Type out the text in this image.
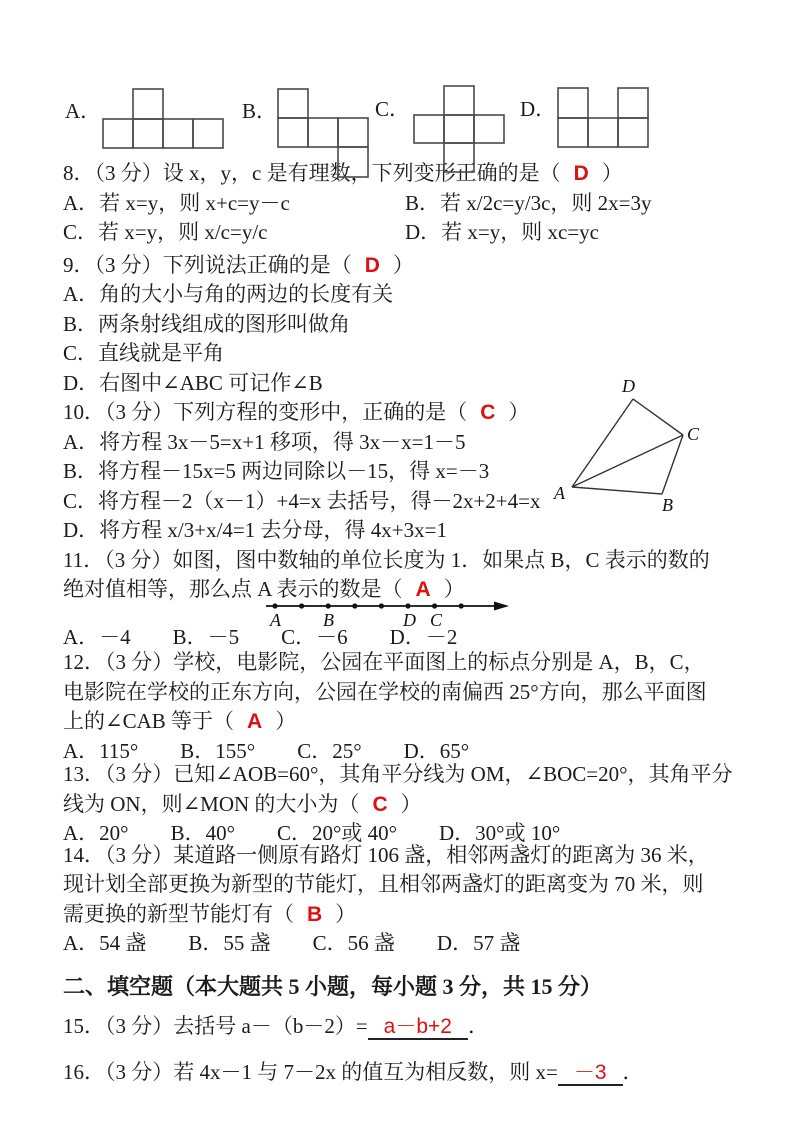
A．	B．	C．	D．
8．（3 分）设 x，y，c 是有理数，下列变形正确的是（ D ）
A．若 x=y，则 x+c=y－c	B．若 x/2c=y/3c，则 2x=3y
C．若 x=y，则 x/c=y/c	D．若 x=y，则 xc=yc
9．（3 分）下列说法正确的是（ D ）
A．角的大小与角的两边的长度有关
B．两条射线组成的图形叫做角
C．直线就是平角
D．右图中∠ABC 可记作∠B
10．（3 分）下列方程的变形中，正确的是（ C ）
A．将方程 3x－5=x+1 移项，得 3x－x=1－5
B．将方程－15x=5 两边同除以－15，得 x=－3
C．将方程－2（x－1）+4=x 去括号，得－2x+2+4=x
D．将方程 x/3+x/4=1 去分母，得 4x+3x=1
D
C
A
B
11．（3 分）如图，图中数轴的单位长度为 1．如果点 B，C 表示的数的
绝对值相等，那么点 A 表示的数是（ A ）
A B	D C
A．－4　　B．－5　　C．－6　　D．－2
12．（3 分）学校，电影院，公园在平面图上的标点分别是 A，B，C，
电影院在学校的正东方向，公园在学校的南偏西 25°方向，那么平面图
上的∠CAB 等于（ A ）
A．115°　　B．155°　　C．25°　　D．65°
13．（3 分）已知∠AOB=60°，其角平分线为 OM，∠BOC=20°，其角平分
线为 ON，则∠MON 的大小为（ C ）
A．20°　　B．40°　　C．20°或 40°　　D．30°或 10°
14．（3 分）某道路一侧原有路灯 106 盏，相邻两盏灯的距离为 36 米，
现计划全部更换为新型的节能灯，且相邻两盏灯的距离变为 70 米，则
需更换的新型节能灯有（ B ）
A．54 盏　　B．55 盏　　C．56 盏　　D．57 盏
二、填空题（本大题共 5 小题，每小题 3 分，共 15 分）
15．（3 分）去括号 a－（b－2）= a－b+2 ．
16．（3 分）若 4x－1 与 7－2x 的值互为相反数，则 x= －3 ．
